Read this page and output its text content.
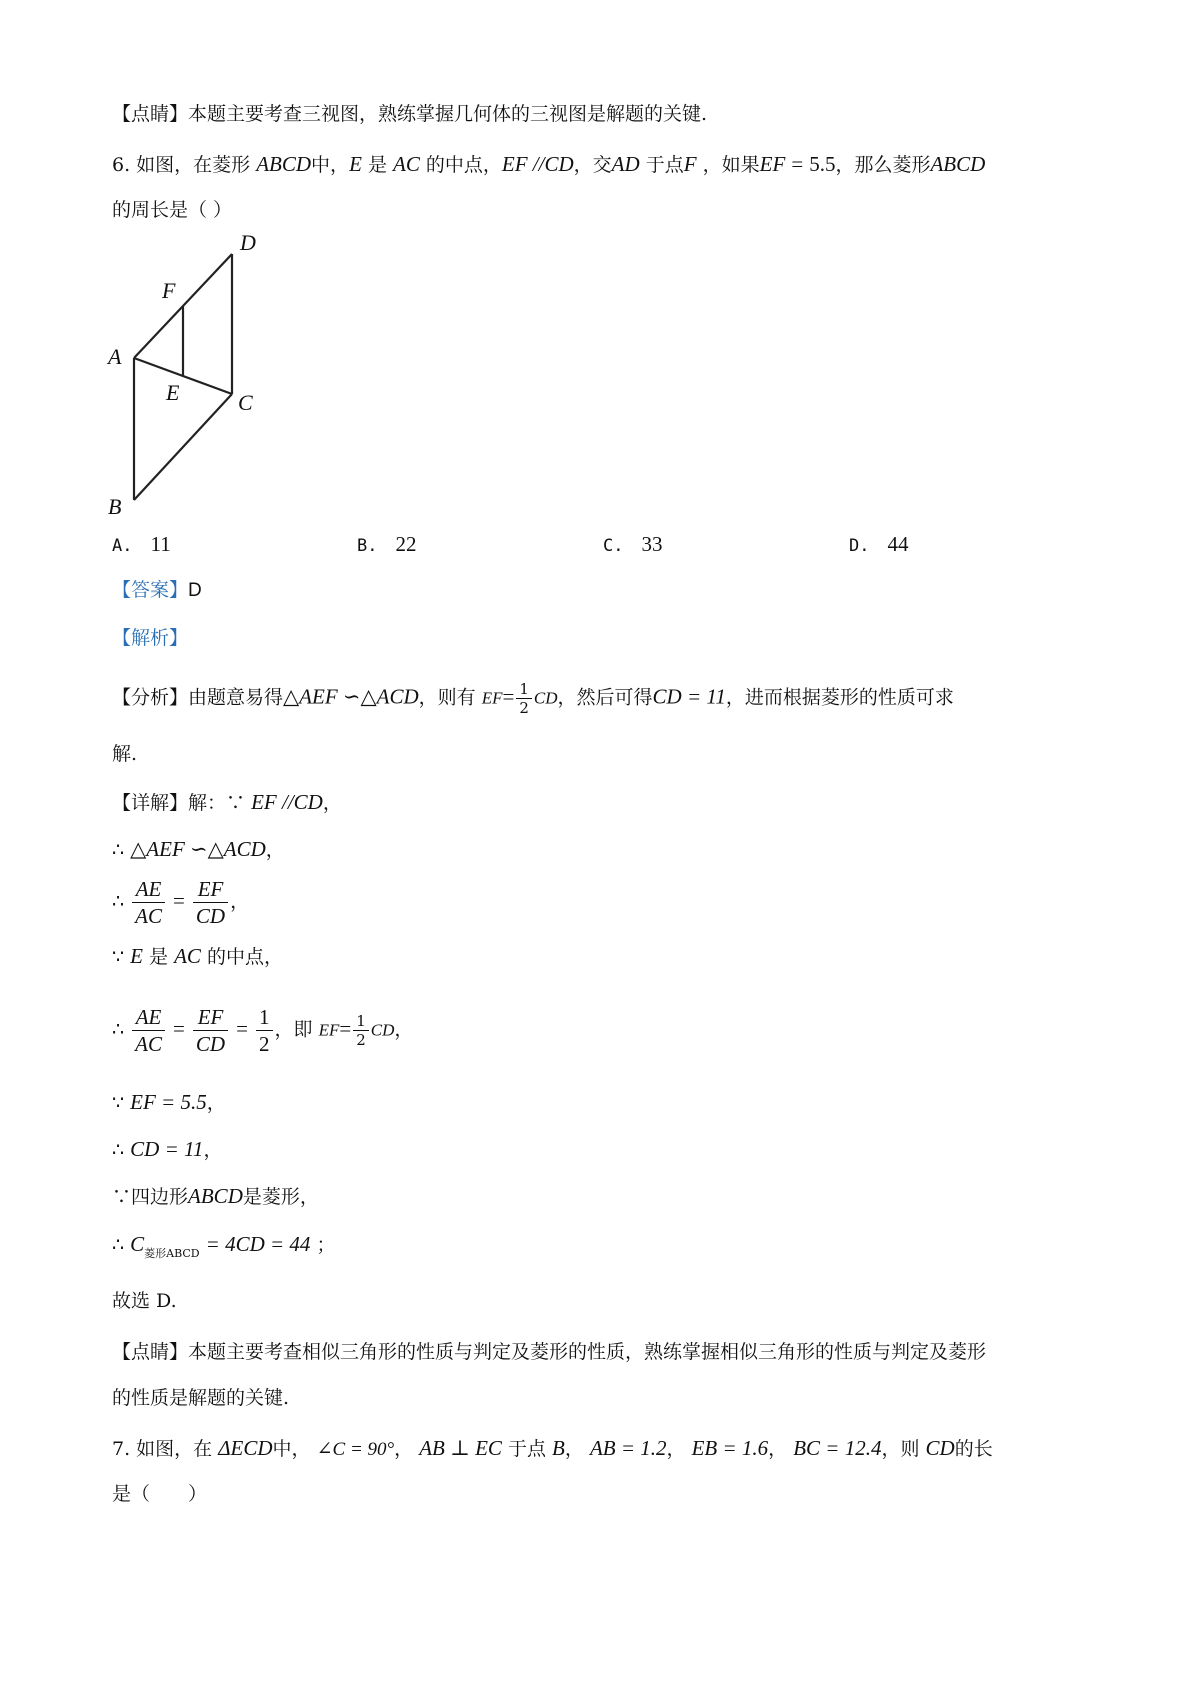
【点睛】本题主要考查三视图，熟练掌握几何体的三视图是解题的关键.
6. 如图，在菱形 ABCD中，E 是 AC 的中点，EF //CD，交AD 于点F ，如果EF = 5.5，那么菱形ABCD
的周长是（ ）
D
F
A
E	C
B
A. 11	B. 22	C. 33	D. 44
【答案】D
【解析】
【分析】由题意易得△AEF ∽△ACD，则有 $EF= \frac{1}{2}$ CD，然后可得CD = 11，进而根据菱形的性质可求
解.
【详解】解：∵ EF //CD，
∴ △AEF ∽△ACD，
∴ $\frac{AE}{AC} = \frac{EF}{CD}$ ，
∵ E 是 AC 的中点，
∴ $\frac{AE}{AC} = \frac{EF}{CD} = \frac{1}{2}$ ，即 $EF= \frac{1}{2}$ CD，
∵ EF = 5.5，
∴ CD = 11，
∵四边形ABCD是菱形，
∴ $C_{菱形ABCD} = 4CD = 44$ ；
故选 D.
【点睛】本题主要考查相似三角形的性质与判定及菱形的性质，熟练掌握相似三角形的性质与判定及菱形
的性质是解题的关键.
7. 如图，在 ΔECD中， ∠C = 90°， AB ⊥ EC 于点 B， AB = 1.2， EB = 1.6， BC = 12.4，则 CD的长
是（　　）
